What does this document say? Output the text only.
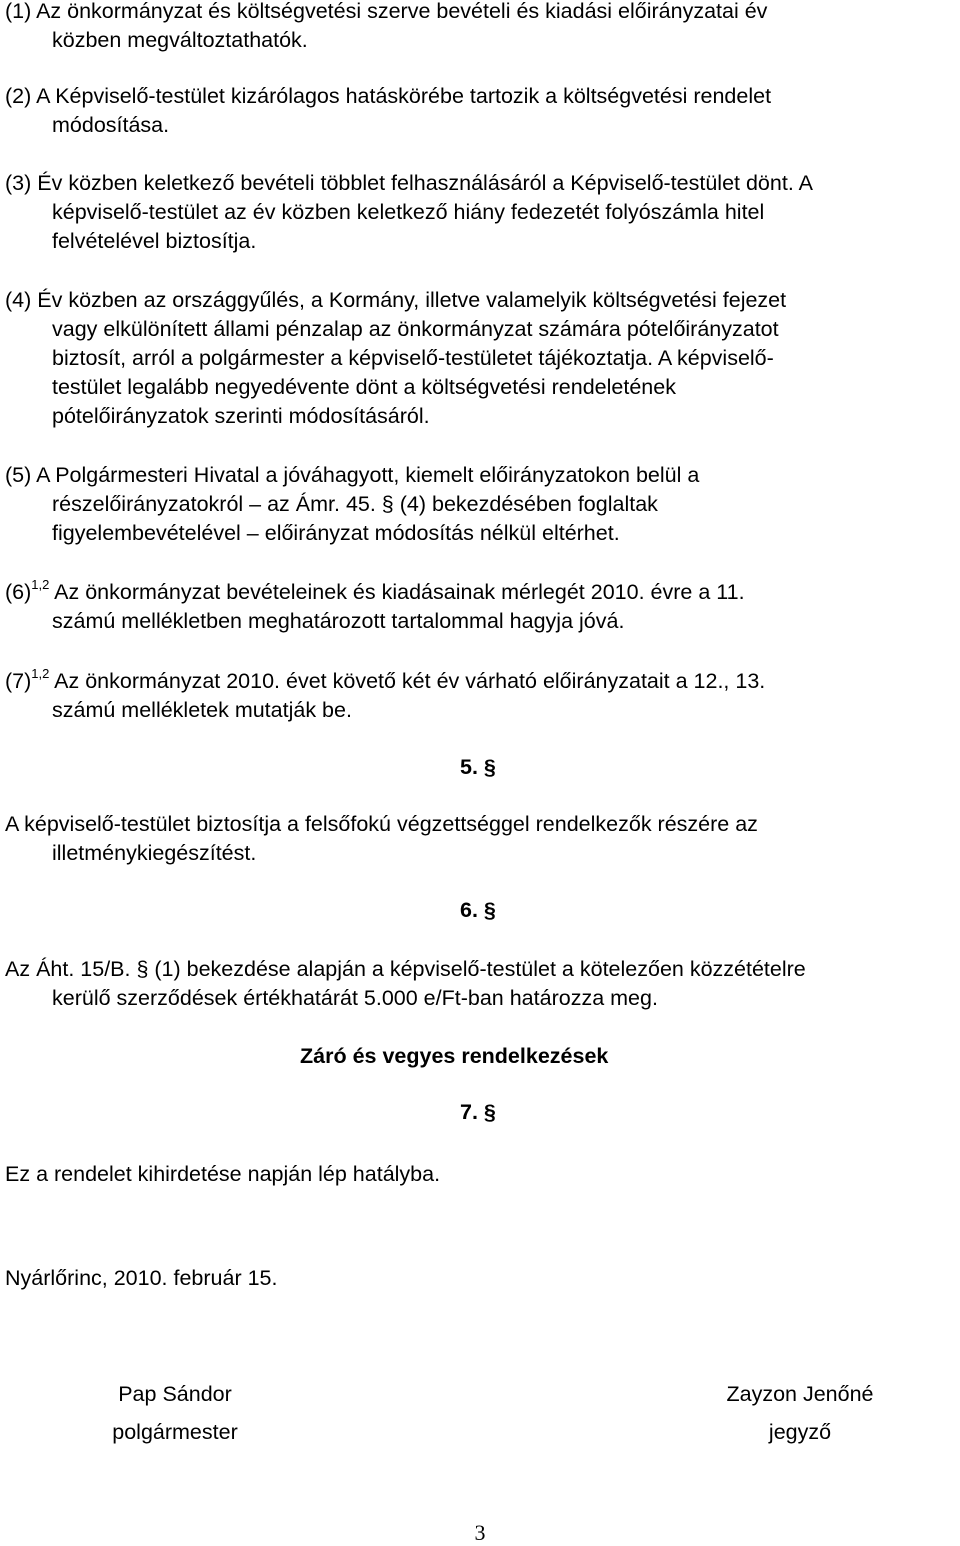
(1) Az önkormányzat és költségvetési szerve bevételi és kiadási előirányzatai év
közben megváltoztathatók.
(2) A Képviselő-testület kizárólagos hatáskörébe tartozik a költségvetési rendelet
módosítása.
(3) Év közben keletkező bevételi többlet felhasználásáról a Képviselő-testület dönt. A
képviselő-testület az év közben keletkező hiány fedezetét folyószámla hitel
felvételével biztosítja.
(4) Év közben az országgyűlés, a Kormány, illetve valamelyik költségvetési fejezet
vagy elkülönített állami pénzalap az önkormányzat számára pótelőirányzatot
biztosít, arról a polgármester a képviselő-testületet tájékoztatja. A képviselő-
testület legalább negyedévente dönt a költségvetési rendeletének
pótelőirányzatok szerinti módosításáról.
(5) A Polgármesteri Hivatal a jóváhagyott, kiemelt előirányzatokon belül a
részelőirányzatokról – az Ámr. 45. § (4) bekezdésében foglaltak
figyelembevételével – előirányzat módosítás nélkül eltérhet.
$(6)^{1,2}$ Az önkormányzat bevételeinek és kiadásainak mérlegét 2010. évre a 11.
számú mellékletben meghatározott tartalommal hagyja jóvá.
$(7)^{1,2}$ Az önkormányzat 2010. évet követő két év várható előirányzatait a 12., 13.
számú mellékletek mutatják be.
5. §
A képviselő-testület biztosítja a felsőfokú végzettséggel rendelkezők részére az
illetménykiegészítést.
6. §
Az Áht. 15/B. § (1) bekezdése alapján a képviselő-testület a kötelezően közzétételre
kerülő szerződések értékhatárát 5.000 e/Ft-ban határozza meg.
Záró és vegyes rendelkezések
7. §
Ez a rendelet kihirdetése napján lép hatályba.
Nyárlőrinc, 2010. február 15.
Pap Sándor
polgármester
Zayzon Jenőné
jegyző
3
